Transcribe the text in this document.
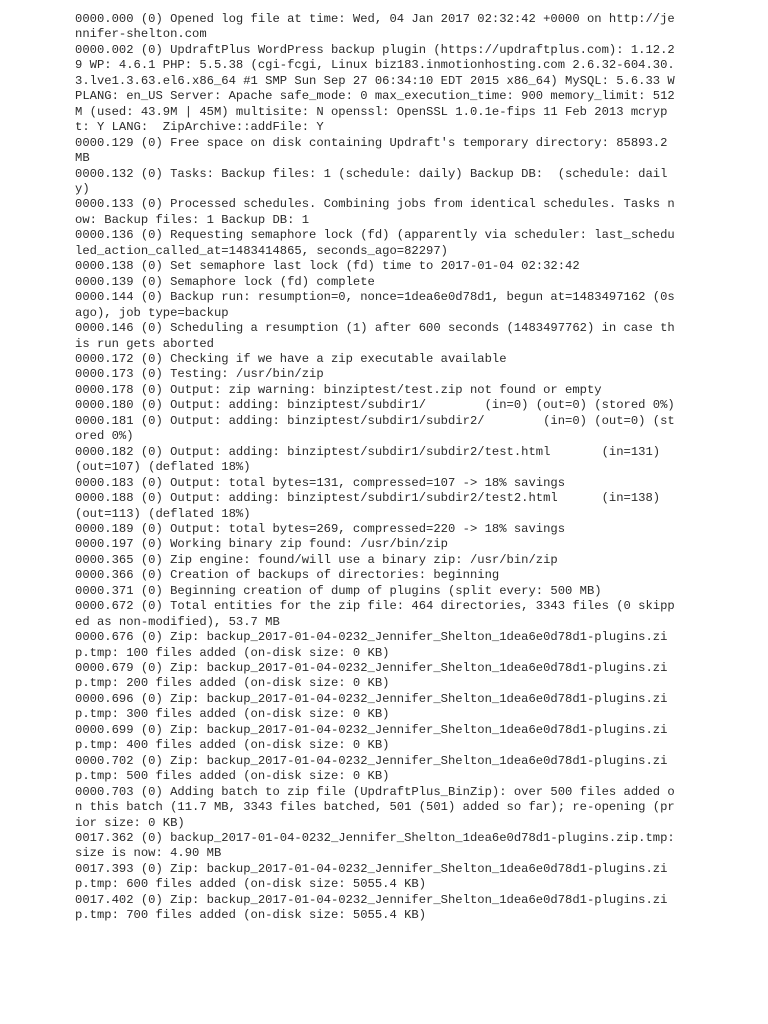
0000.000 (0) Opened log file at time: Wed, 04 Jan 2017 02:32:42 +0000 on http://jennifer-shelton.com
0000.002 (0) UpdraftPlus WordPress backup plugin (https://updraftplus.com): 1.12.29 WP: 4.6.1 PHP: 5.5.38 (cgi-fcgi, Linux biz183.inmotionhosting.com 2.6.32-604.30.3.lve1.3.63.el6.x86_64 #1 SMP Sun Sep 27 06:34:10 EDT 2015 x86_64) MySQL: 5.6.33 WPLANG: en_US Server: Apache safe_mode: 0 max_execution_time: 900 memory_limit: 512M (used: 43.9M | 45M) multisite: N openssl: OpenSSL 1.0.1e-fips 11 Feb 2013 mcrypt: Y LANG:  ZipArchive::addFile: Y
0000.129 (0) Free space on disk containing Updraft's temporary directory: 85893.2 MB
0000.132 (0) Tasks: Backup files: 1 (schedule: daily) Backup DB:  (schedule: daily)
0000.133 (0) Processed schedules. Combining jobs from identical schedules. Tasks now: Backup files: 1 Backup DB: 1
0000.136 (0) Requesting semaphore lock (fd) (apparently via scheduler: last_scheduled_action_called_at=1483414865, seconds_ago=82297)
0000.138 (0) Set semaphore last lock (fd) time to 2017-01-04 02:32:42
0000.139 (0) Semaphore lock (fd) complete
0000.144 (0) Backup run: resumption=0, nonce=1dea6e0d78d1, begun at=1483497162 (0s ago), job type=backup
0000.146 (0) Scheduling a resumption (1) after 600 seconds (1483497762) in case this run gets aborted
0000.172 (0) Checking if we have a zip executable available
0000.173 (0) Testing: /usr/bin/zip
0000.178 (0) Output: zip warning: binziptest/test.zip not found or empty
0000.180 (0) Output: adding: binziptest/subdir1/	(in=0) (out=0) (stored 0%)
0000.181 (0) Output: adding: binziptest/subdir1/subdir2/	(in=0) (out=0) (stored 0%)
0000.182 (0) Output: adding: binziptest/subdir1/subdir2/test.html	(in=131) (out=107) (deflated 18%)
0000.183 (0) Output: total bytes=131, compressed=107 -> 18% savings
0000.188 (0) Output: adding: binziptest/subdir1/subdir2/test2.html	(in=138) (out=113) (deflated 18%)
0000.189 (0) Output: total bytes=269, compressed=220 -> 18% savings
0000.197 (0) Working binary zip found: /usr/bin/zip
0000.365 (0) Zip engine: found/will use a binary zip: /usr/bin/zip
0000.366 (0) Creation of backups of directories: beginning
0000.371 (0) Beginning creation of dump of plugins (split every: 500 MB)
0000.672 (0) Total entities for the zip file: 464 directories, 3343 files (0 skipped as non-modified), 53.7 MB
0000.676 (0) Zip: backup_2017-01-04-0232_Jennifer_Shelton_1dea6e0d78d1-plugins.zip.tmp: 100 files added (on-disk size: 0 KB)
0000.679 (0) Zip: backup_2017-01-04-0232_Jennifer_Shelton_1dea6e0d78d1-plugins.zip.tmp: 200 files added (on-disk size: 0 KB)
0000.696 (0) Zip: backup_2017-01-04-0232_Jennifer_Shelton_1dea6e0d78d1-plugins.zip.tmp: 300 files added (on-disk size: 0 KB)
0000.699 (0) Zip: backup_2017-01-04-0232_Jennifer_Shelton_1dea6e0d78d1-plugins.zip.tmp: 400 files added (on-disk size: 0 KB)
0000.702 (0) Zip: backup_2017-01-04-0232_Jennifer_Shelton_1dea6e0d78d1-plugins.zip.tmp: 500 files added (on-disk size: 0 KB)
0000.703 (0) Adding batch to zip file (UpdraftPlus_BinZip): over 500 files added on this batch (11.7 MB, 3343 files batched, 501 (501) added so far); re-opening (prior size: 0 KB)
0017.362 (0) backup_2017-01-04-0232_Jennifer_Shelton_1dea6e0d78d1-plugins.zip.tmp: size is now: 4.90 MB
0017.393 (0) Zip: backup_2017-01-04-0232_Jennifer_Shelton_1dea6e0d78d1-plugins.zip.tmp: 600 files added (on-disk size: 5055.4 KB)
0017.402 (0) Zip: backup_2017-01-04-0232_Jennifer_Shelton_1dea6e0d78d1-plugins.zip.tmp: 700 files added (on-disk size: 5055.4 KB)
